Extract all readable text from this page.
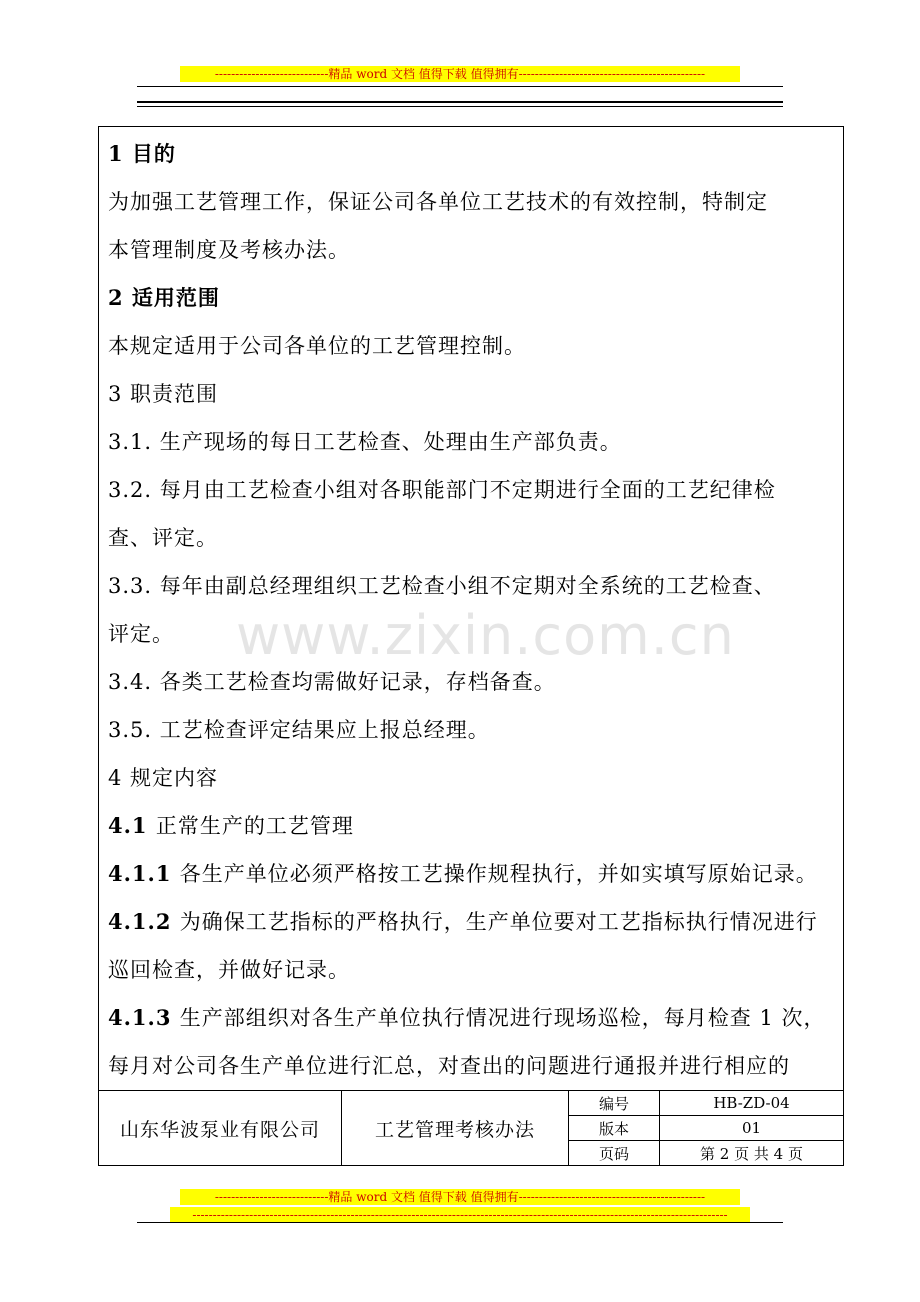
----------------------------精品 word 文档 值得下载 值得拥有----------------------------------------------
www.zixin.com.cn
1 目的
为加强工艺管理工作，保证公司各单位工艺技术的有效控制，特制定
本管理制度及考核办法。
2 适用范围
本规定适用于公司各单位的工艺管理控制。
3 职责范围
3.1. 生产现场的每日工艺检查、处理由生产部负责。
3.2. 每月由工艺检查小组对各职能部门不定期进行全面的工艺纪律检
查、评定。
3.3. 每年由副总经理组织工艺检查小组不定期对全系统的工艺检查、
评定。
3.4. 各类工艺检查均需做好记录，存档备查。
3.5. 工艺检查评定结果应上报总经理。
4 规定内容
4.1 正常生产的工艺管理
4.1.1 各生产单位必须严格按工艺操作规程执行，并如实填写原始记录。
4.1.2 为确保工艺指标的严格执行，生产单位要对工艺指标执行情况进行
巡回检查，并做好记录。
4.1.3 生产部组织对各生产单位执行情况进行现场巡检，每月检查 1 次，
每月对公司各生产单位进行汇总，对查出的问题进行通报并进行相应的
山东华波泵业有限公司	工艺管理考核办法	编号	HB-ZD-04
		版本	01
		页码	第 2 页 共 4 页
----------------------------精品 word 文档 值得下载 值得拥有----------------------------------------------
------------------------------------------------------------------------------------------------------------------------------------
